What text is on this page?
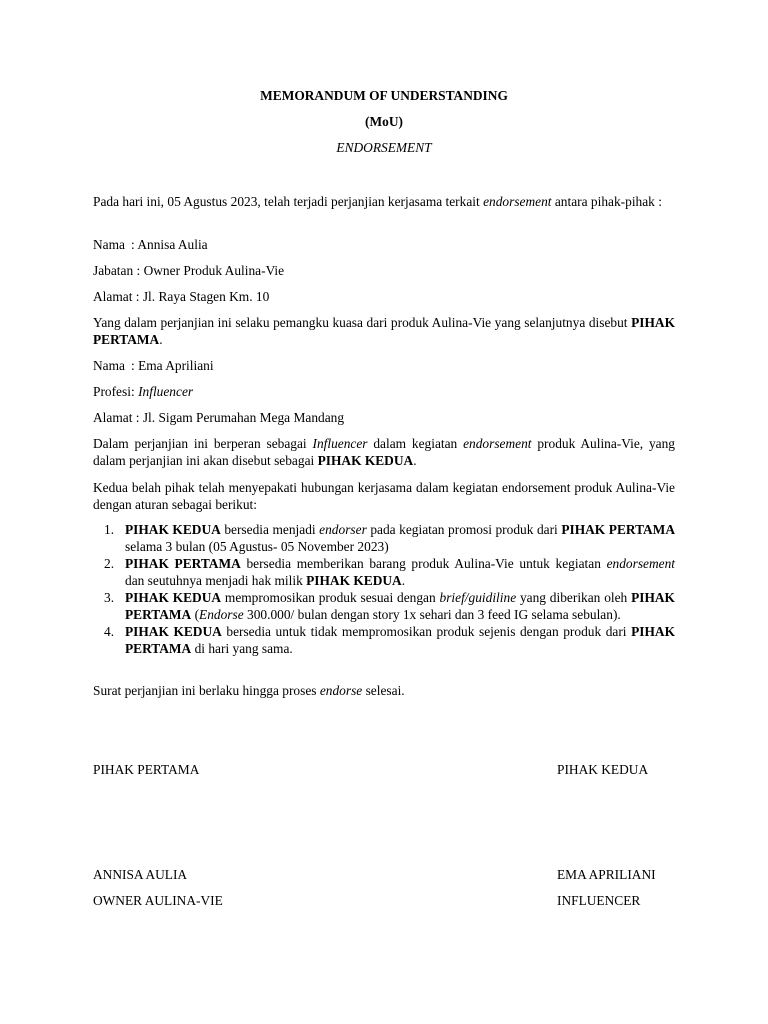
MEMORANDUM OF UNDERSTANDING
(MoU)
ENDORSEMENT
Pada hari ini, 05 Agustus 2023, telah terjadi perjanjian kerjasama terkait endorsement antara pihak-pihak :
Nama : Annisa Aulia
Jabatan : Owner Produk Aulina-Vie
Alamat : Jl. Raya Stagen Km. 10
Yang dalam perjanjian ini selaku pemangku kuasa dari produk Aulina-Vie yang selanjutnya disebut PIHAK PERTAMA.
Nama : Ema Apriliani
Profesi: Influencer
Alamat : Jl. Sigam Perumahan Mega Mandang
Dalam perjanjian ini berperan sebagai Influencer dalam kegiatan endorsement produk Aulina-Vie, yang dalam perjanjian ini akan disebut sebagai PIHAK KEDUA.
Kedua belah pihak telah menyepakati hubungan kerjasama dalam kegiatan endorsement produk Aulina-Vie dengan aturan sebagai berikut:
1. PIHAK KEDUA bersedia menjadi endorser pada kegiatan promosi produk dari PIHAK PERTAMA selama 3 bulan (05 Agustus- 05 November 2023)
2. PIHAK PERTAMA bersedia memberikan barang produk Aulina-Vie untuk kegiatan endorsement dan seutuhnya menjadi hak milik PIHAK KEDUA.
3. PIHAK KEDUA mempromosikan produk sesuai dengan brief/guidiline yang diberikan oleh PIHAK PERTAMA (Endorse 300.000/ bulan dengan story 1x sehari dan 3 feed IG selama sebulan).
4. PIHAK KEDUA bersedia untuk tidak mempromosikan produk sejenis dengan produk dari PIHAK PERTAMA di hari yang sama.
Surat perjanjian ini berlaku hingga proses endorse selesai.
PIHAK PERTAMA	PIHAK KEDUA
ANNISA AULIA	EMA APRILIANI
OWNER AULINA-VIE	INFLUENCER
